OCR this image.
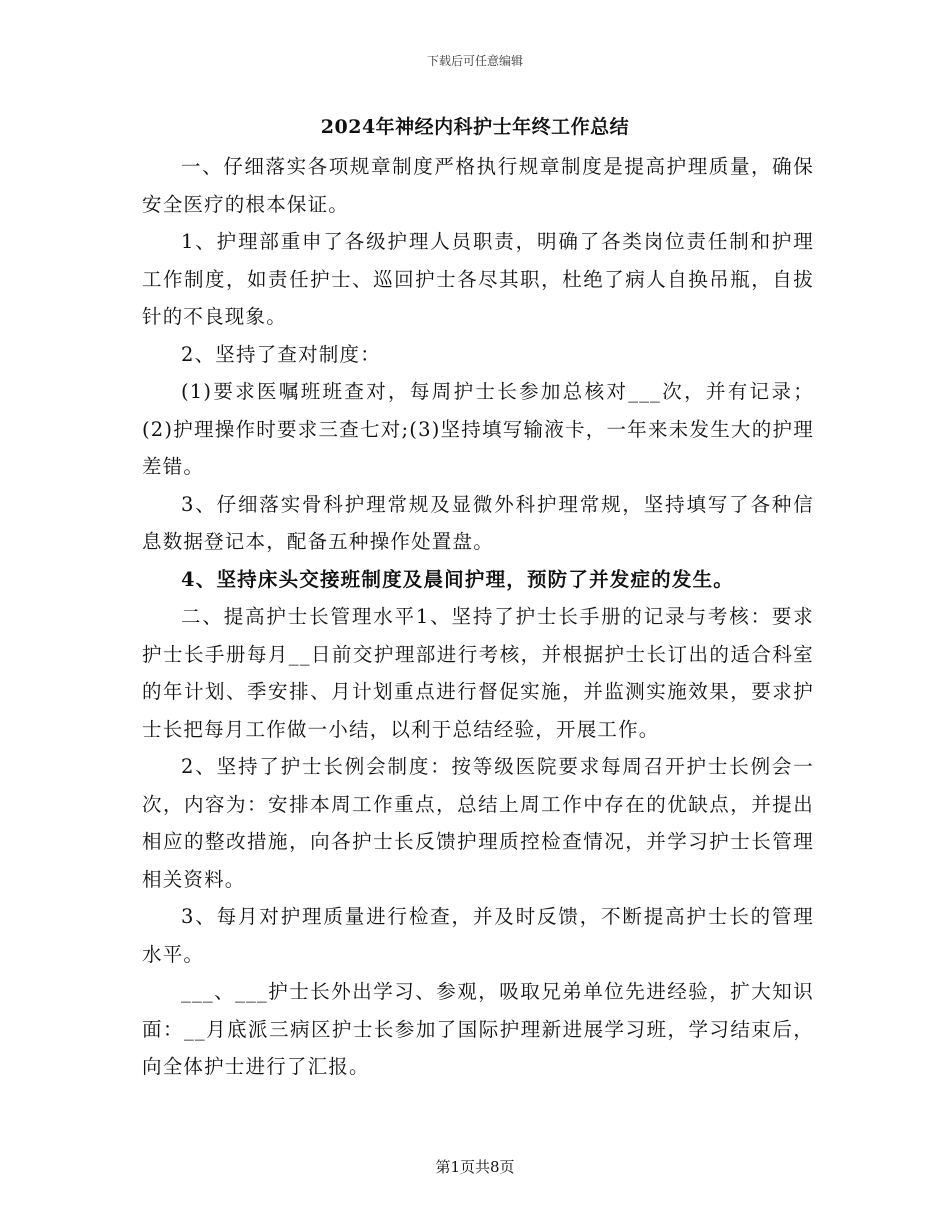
下载后可任意编辑
2024年神经内科护士年终工作总结

一、仔细落实各项规章制度严格执行规章制度是提高护理质量，确保安全医疗的根本保证。

1、护理部重申了各级护理人员职责，明确了各类岗位责任制和护理工作制度，如责任护士、巡回护士各尽其职，杜绝了病人自换吊瓶，自拔针的不良现象。

2、坚持了查对制度：

(1)要求医嘱班班查对，每周护士长参加总核对___次，并有记录；(2)护理操作时要求三查七对;(3)坚持填写输液卡，一年来未发生大的护理差错。

3、仔细落实骨科护理常规及显微外科护理常规，坚持填写了各种信息数据登记本，配备五种操作处置盘。

4、坚持床头交接班制度及晨间护理，预防了并发症的发生。

二、提高护士长管理水平1、坚持了护士长手册的记录与考核：要求护士长手册每月__日前交护理部进行考核，并根据护士长订出的适合科室的年计划、季安排、月计划重点进行督促实施，并监测实施效果，要求护士长把每月工作做一小结，以利于总结经验，开展工作。

2、坚持了护士长例会制度：按等级医院要求每周召开护士长例会一次，内容为：安排本周工作重点，总结上周工作中存在的优缺点，并提出相应的整改措施，向各护士长反馈护理质控检查情况，并学习护士长管理相关资料。

3、每月对护理质量进行检查，并及时反馈，不断提高护士长的管理水平。

___、___护士长外出学习、参观，吸取兄弟单位先进经验，扩大知识面：__月底派三病区护士长参加了国际护理新进展学习班，学习结束后，向全体护士进行了汇报。

第1页共8页
